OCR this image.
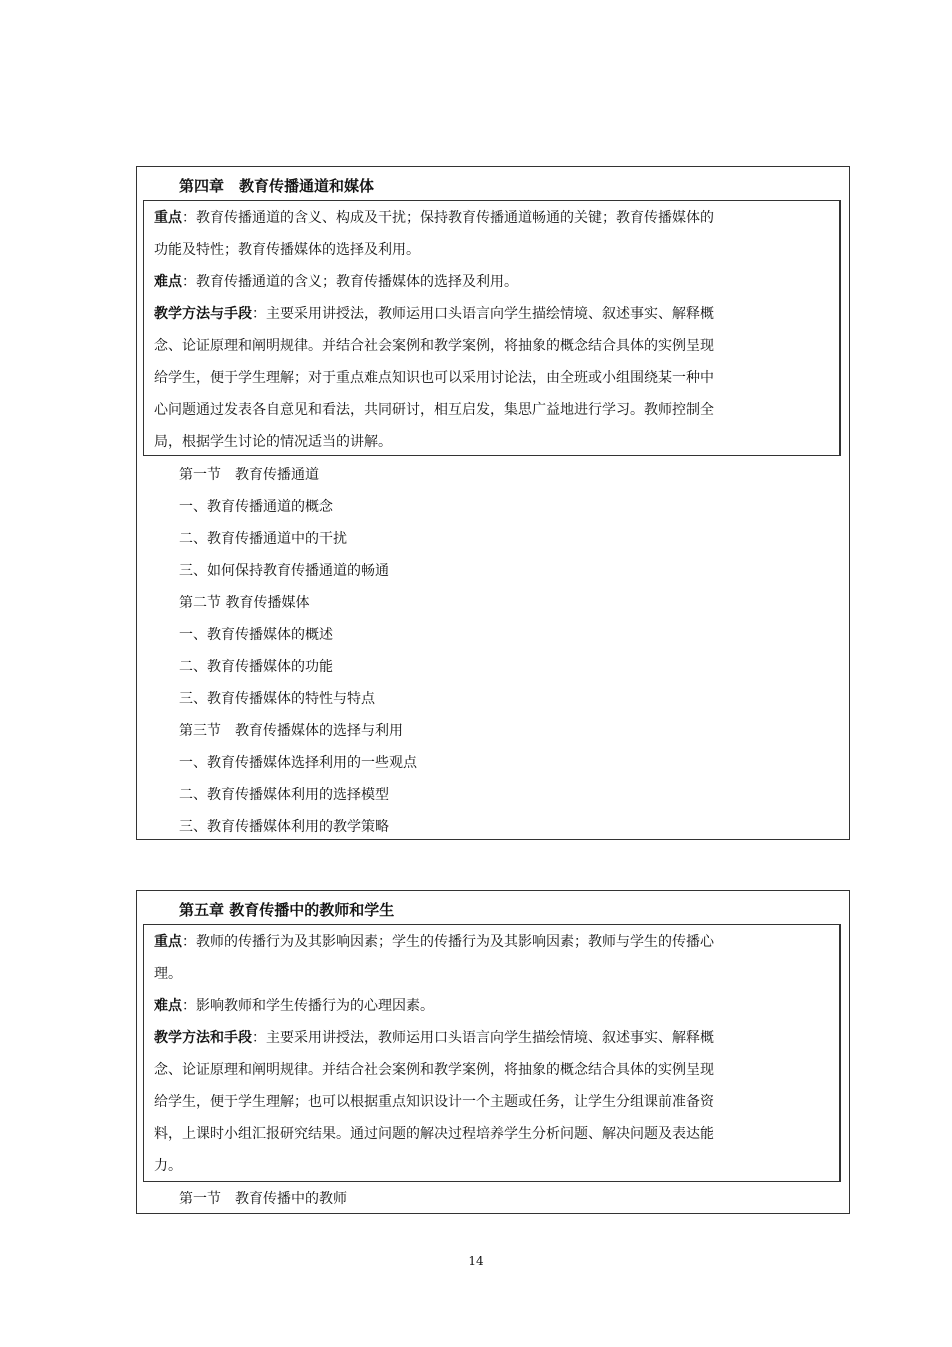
第四章　教育传播通道和媒体

重点：教育传播通道的含义、构成及干扰；保持教育传播通道畅通的关键；教育传播媒体的

功能及特性；教育传播媒体的选择及利用。

难点：教育传播通道的含义；教育传播媒体的选择及利用。

教学方法与手段：主要采用讲授法，教师运用口头语言向学生描绘情境、叙述事实、解释概

念、论证原理和阐明规律。并结合社会案例和教学案例，将抽象的概念结合具体的实例呈现

给学生，便于学生理解；对于重点难点知识也可以采用讨论法，由全班或小组围绕某一种中

心问题通过发表各自意见和看法，共同研讨，相互启发，集思广益地进行学习。教师控制全

局，根据学生讨论的情况适当的讲解。

第一节　教育传播通道
一、教育传播通道的概念
二、教育传播通道中的干扰
三、如何保持教育传播通道的畅通
第二节 教育传播媒体
一、教育传播媒体的概述
二、教育传播媒体的功能
三、教育传播媒体的特性与特点
第三节　教育传播媒体的选择与利用
一、教育传播媒体选择利用的一些观点
二、教育传播媒体利用的选择模型
三、教育传播媒体利用的教学策略
第五章 教育传播中的教师和学生

重点：教师的传播行为及其影响因素；学生的传播行为及其影响因素；教师与学生的传播心

理。

难点：影响教师和学生传播行为的心理因素。

教学方法和手段：主要采用讲授法，教师运用口头语言向学生描绘情境、叙述事实、解释概

念、论证原理和阐明规律。并结合社会案例和教学案例，将抽象的概念结合具体的实例呈现

给学生，便于学生理解；也可以根据重点知识设计一个主题或任务，让学生分组课前准备资

料，上课时小组汇报研究结果。通过问题的解决过程培养学生分析问题、解决问题及表达能

力。

第一节　教育传播中的教师
14
